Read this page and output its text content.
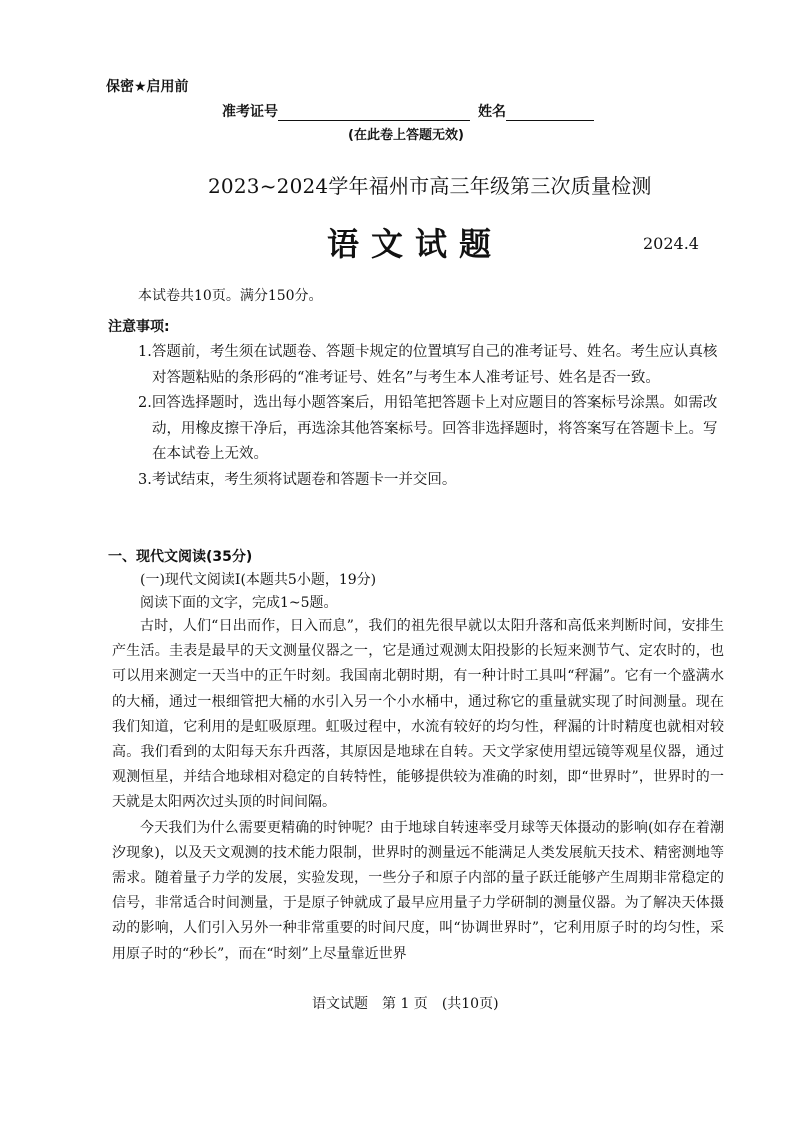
保密★启用前
准考证号	姓名
(在此卷上答题无效)
2023~2024学年福州市高三年级第三次质量检测
语文试题	2024.4
本试卷共10页。满分150分。
注意事项:
1.答题前，考生须在试题卷、答题卡规定的位置填写自己的准考证号、姓名。考生应认真核对答题粘贴的条形码的“准考证号、姓名”与考生本人准考证号、姓名是否一致。
2.回答选择题时，选出每小题答案后，用铅笔把答题卡上对应题目的答案标号涂黑。如需改动，用橡皮擦干净后，再选涂其他答案标号。回答非选择题时，将答案写在答题卡上。写在本试卷上无效。
3.考试结束，考生须将试题卷和答题卡一并交回。
一、现代文阅读(35分)
(一)现代文阅读Ⅰ(本题共5小题，19分)
阅读下面的文字，完成1~5题。

古时，人们“日出而作，日入而息”，我们的祖先很早就以太阳升落和高低来判断时间，安排生产生活。圭表是最早的天文测量仪器之一，它是通过观测太阳投影的长短来测节气、定农时的，也可以用来测定一天当中的正午时刻。我国南北朝时期，有一种计时工具叫“秤漏”。它有一个盛满水的大桶，通过一根细管把大桶的水引入另一个小水桶中，通过称它的重量就实现了时间测量。现在我们知道，它利用的是虹吸原理。虹吸过程中，水流有较好的均匀性，秤漏的计时精度也就相对较高。我们看到的太阳每天东升西落，其原因是地球在自转。天文学家使用望远镜等观星仪器，通过观测恒星，并结合地球相对稳定的自转特性，能够提供较为准确的时刻，即“世界时”，世界时的一天就是太阳两次过头顶的时间间隔。

今天我们为什么需要更精确的时钟呢？由于地球自转速率受月球等天体摄动的影响(如存在着潮汐现象)，以及天文观测的技术能力限制，世界时的测量远不能满足人类发展航天技术、精密测地等需求。随着量子力学的发展，实验发现，一些分子和原子内部的量子跃迁能够产生周期非常稳定的信号，非常适合时间测量，于是原子钟就成了最早应用量子力学研制的测量仪器。为了解决天体摄动的影响，人们引入另外一种非常重要的时间尺度，叫“协调世界时”，它利用原子时的均匀性，采用原子时的“秒长”，而在“时刻”上尽量靠近世界

语文试题 第 1 页 (共10页)
